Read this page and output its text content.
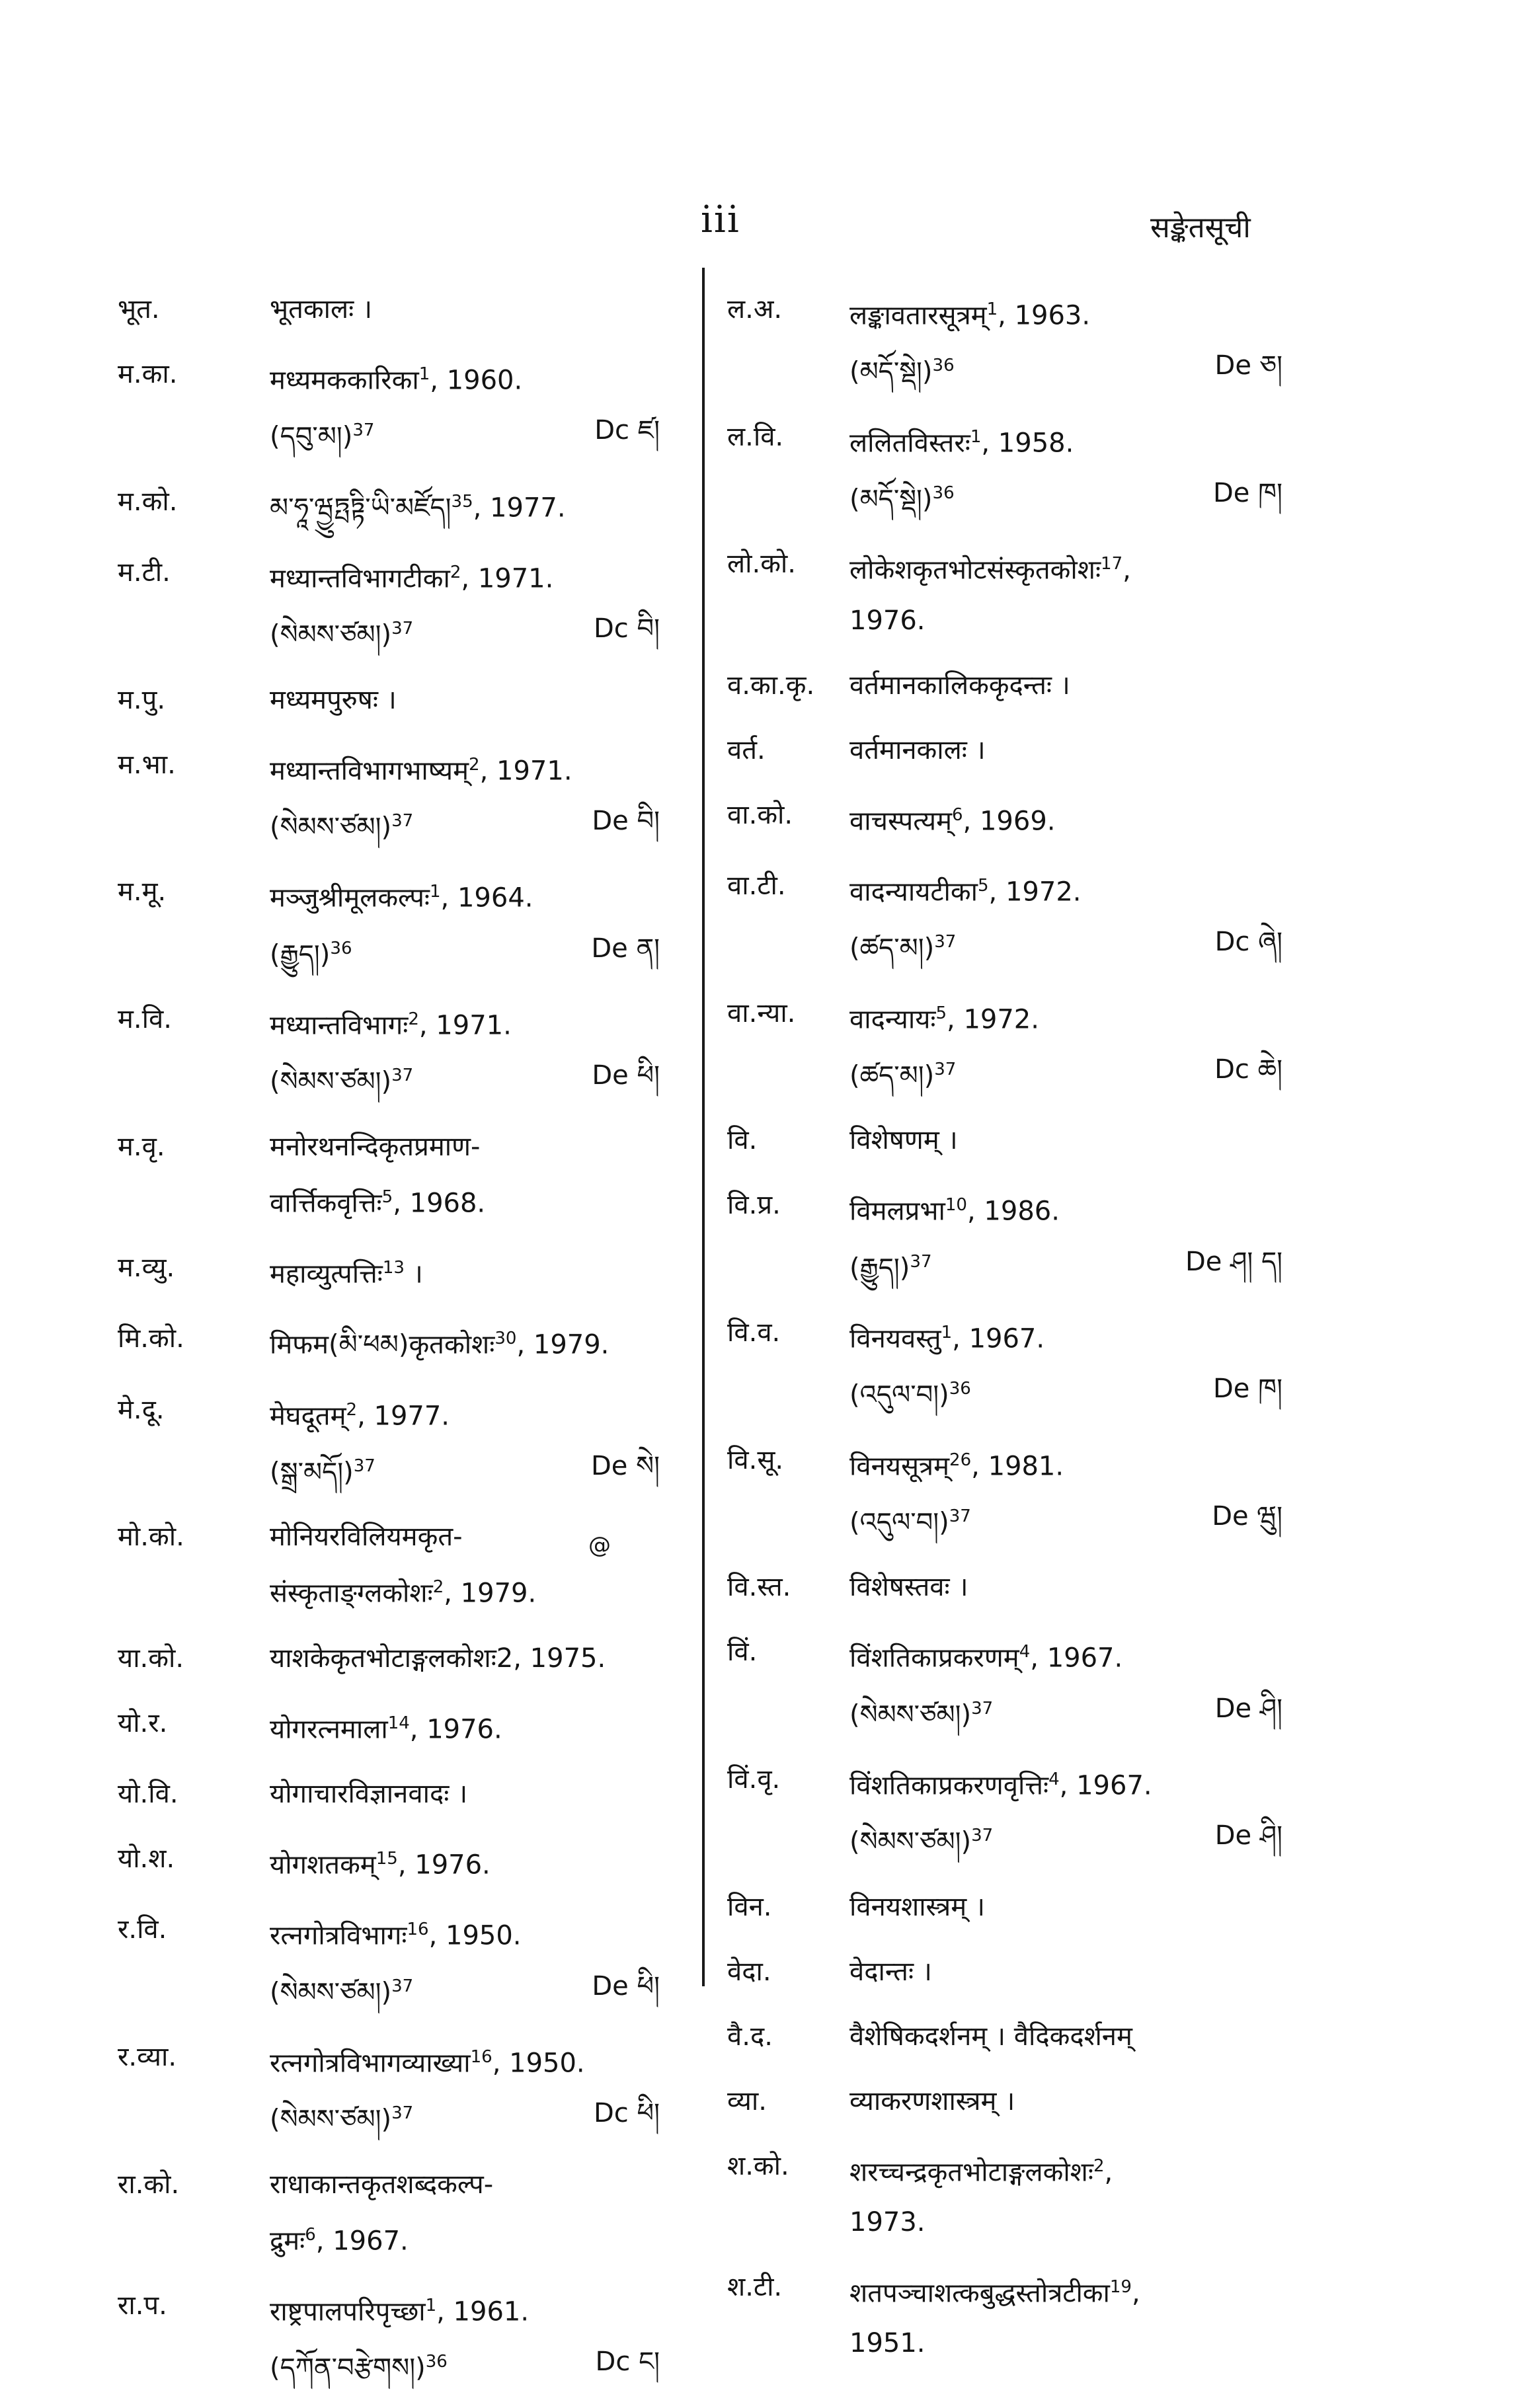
iii	सङ्केतसूची
भूत.	भूतकालः ।
म.का.	मध्यमककारिका$^1$, 1960.
(དབུ་མ།)$^{37}$	Dc ཛ།
म.को.	མ་ཧཱ་ཝྱུཏྤཏྟི་ཡི་མཛོད།$^{35}$, 1977.
म.टी.	मध्यान्तविभागटीका$^2$, 1971.
(སེམས་ཙམ།)$^{37}$	Dc བི།
म.पु.	मध्यमपुरुषः ।
म.भा.	मध्यान्तविभागभाष्यम्$^2$, 1971.
(སེམས་ཙམ།)$^{37}$	De བི།
म.मू.	मञ्जुश्रीमूलकल्पः$^1$, 1964.
(རྒྱུད།)$^{36}$	De ན།
म.वि.	मध्यान्तविभागः$^2$, 1971.
(སེམས་ཙམ།)$^{37}$	De ཕི།
म.वृ.	मनोरथनन्दिकृतप्रमाण-
वार्त्तिकवृत्तिः$^5$, 1968.
म.व्यु.	महाव्युत्पत्तिः$^{13}$ ।
मि.को.	मिफम(མི་ཕམ)कृतकोशः$^{30}$, 1979.
मे.दू.	मेघदूतम्$^2$, 1977.
(སྒྲ་མདོ།)$^{37}$	De སེ།
मो.को.	मोनियरविलियमकृत-
संस्कृताङ्ग्लकोशः$^2$, 1979.
या.को.	याशकेकृतभोटाङ्गलकोशः2, 1975.
यो.र.	योगरत्नमाला$^{14}$, 1976.
यो.वि.	योगाचारविज्ञानवादः ।
यो.श.	योगशतकम्$^{15}$, 1976.
र.वि.	रत्नगोत्रविभागः$^{16}$, 1950.
(སེམས་ཙམ།)$^{37}$	De ཕི།
र.व्या.	रत्नगोत्रविभागव्याख्या$^{16}$, 1950.
(སེམས་ཙམ།)$^{37}$	Dc ཕི།
रा.को.	राधाकान्तकृतशब्दकल्प-
द्रुमः$^6$, 1967.
रा.प.	राष्ट्रपालपरिपृच्छा$^1$, 1961.
(དཀོན་བརྩེགས།)$^{36}$	Dc ང།
ल.अ.	लङ्कावतारसूत्रम्$^1$, 1963.
(མདོ་སྡེ།)$^{36}$	De ཅ།
ल.वि.	ललितविस्तरः$^1$, 1958.
(མདོ་སྡེ།)$^{36}$	De ཁ།
लो.को.	लोकेशकृतभोटसंस्कृतकोशः$^{17}$,
1976.
व.का.कृ.	वर्तमानकालिककृदन्तः ।
वर्त.	वर्तमानकालः ।
वा.को.	वाचस्पत्यम्$^6$, 1969.
वा.टी.	वादन्यायटीका$^5$, 1972.
(ཚད་མ།)$^{37}$	Dc ཞེ།
वा.न्या.	वादन्यायः$^5$, 1972.
(ཚད་མ།)$^{37}$	Dc ཆེ།
वि.	विशेषणम् ।
वि.प्र.	विमलप्रभा$^{10}$, 1986.
(རྒྱུད།)$^{37}$	De ཤ། ད།
वि.व.	विनयवस्तु$^1$, 1967.
(འདུལ་བ།)$^{36}$	De ཁ།
वि.सू.	विनयसूत्रम्$^{26}$, 1981.
(འདུལ་བ།)$^{37}$	De ཝུ།
वि.स्त.	विशेषस्तवः ।
विं.	विंशतिकाप्रकरणम्$^4$, 1967.
(སེམས་ཙམ།)$^{37}$	De ཤི།
विं.वृ.	विंशतिकाप्रकरणवृत्तिः$^4$, 1967.
(སེམས་ཙམ།)$^{37}$	De ཤི།
विन.	विनयशास्त्रम् ।
वेदा.	वेदान्तः ।
वै.द.	वैशेषिकदर्शनम् । वैदिकदर्शनम्
व्या.	व्याकरणशास्त्रम् ।
श.को.	शरच्चन्द्रकृतभोटाङ्गलकोशः$^2$,
1973.
श.टी.	शतपञ्चाशत्कबुद्धस्तोत्रटीका$^{19}$,
1951.
@
